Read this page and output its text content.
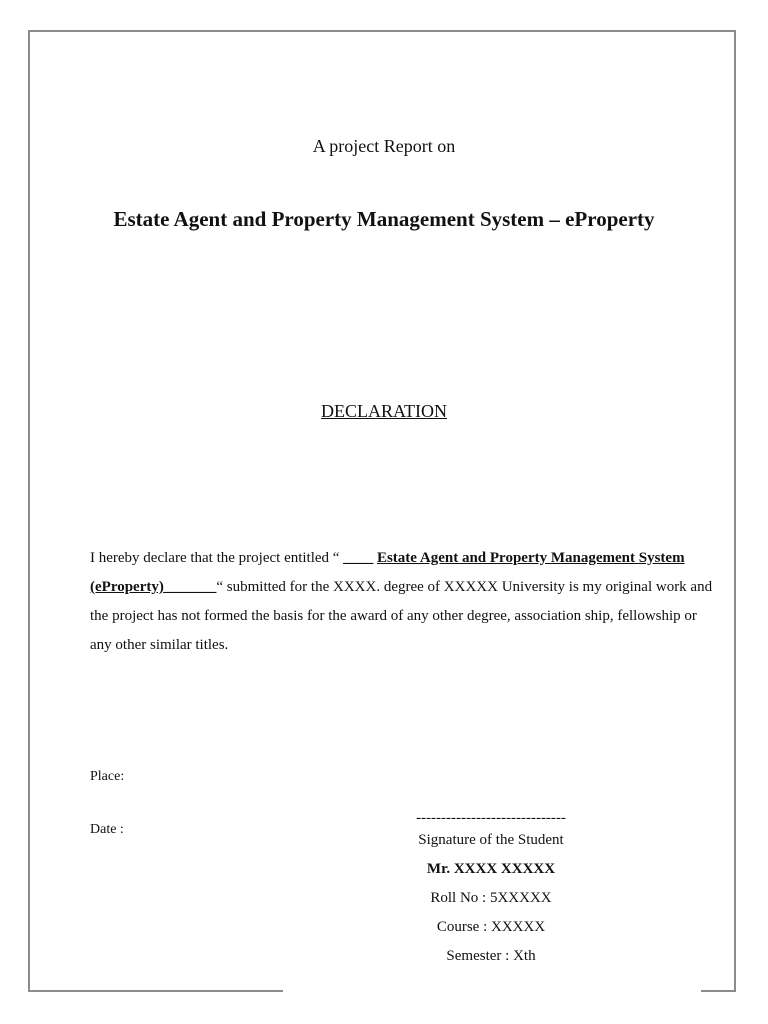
A project Report on
Estate Agent and Property Management System – eProperty
DECLARATION
I hereby declare that the project entitled “ ____ Estate Agent and Property Management System (eProperty)_______“ submitted for the XXXX. degree of XXXXX University is my original work and the project has not formed the basis for the award of any other degree, association ship, fellowship or any other similar titles.
Place:
Date :
------------------------------
Signature of the Student
Mr. XXXX XXXXX
Roll No : 5XXXXX
Course : XXXXX
Semester : Xth
